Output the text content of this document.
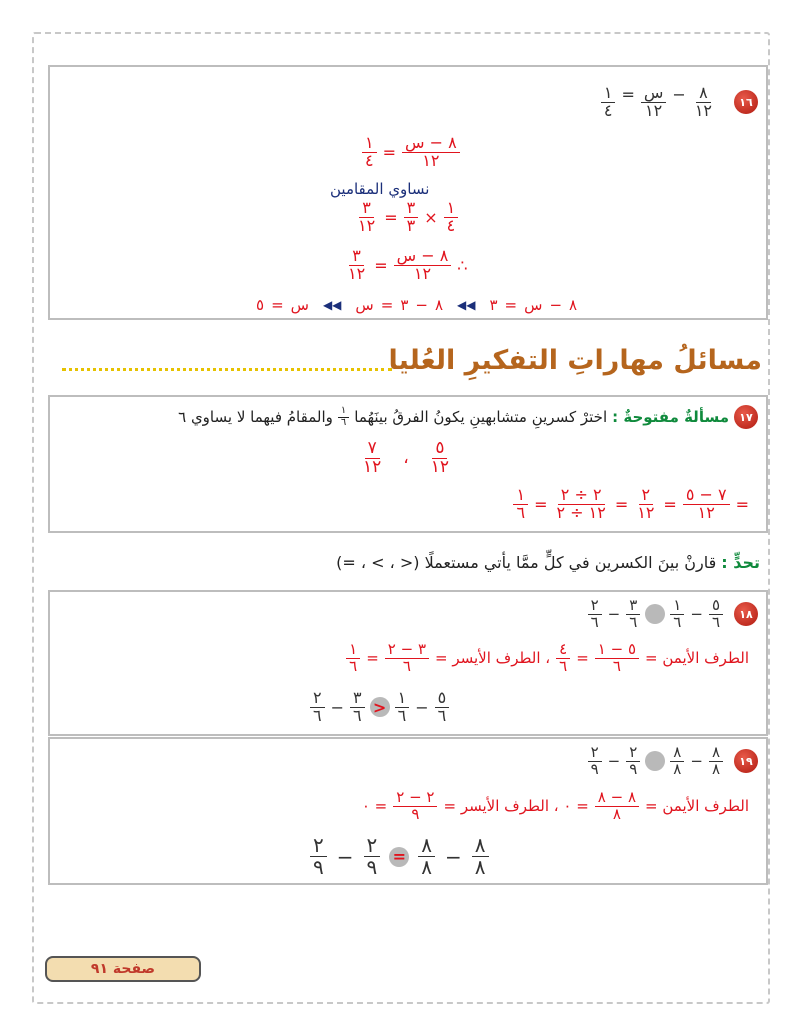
١٦
$\frac{٨}{١٢}$
−
$\frac{\text{س}}{١٢}$
=
$\frac{١}{٤}$
$\frac{\text{٨ − س}}{١٢}$
=
$\frac{١}{٤}$
نساوي المقامين
$\frac{١}{٤}$
×
$\frac{٣}{٣}$
=
$\frac{٣}{١٢}$
∴
$\frac{\text{٨ − س}}{١٢}$
=
$\frac{٣}{١٢}$
٨
−
س
=
٣
◀◀
٨
−
٣
=
س
◀◀
س
=
٥
مسائلُ مهاراتِ التفكيرِ العُليا
١٧
مسألةٌ مفتوحةٌ :
اخترْ كسرينِ متشابهينِ يكونُ الفرقُ بينَهُما
$\frac{١}{٦}$
والمقامُ فيهما لا يساوي ٦
$\frac{٥}{١٢}$
،
$\frac{٧}{١٢}$
=
$\frac{٧ - ٥}{١٢}$
=
$\frac{٢}{١٢}$
=
$\frac{٢ \div ٢}{١٢ \div ٢}$
=
$\frac{١}{٦}$
تحدٍّ :
قارنْ بينَ الكسرين في كلٍّ ممَّا يأتي مستعملًا (< ، > ، =)
١٨
$\frac{٥}{٦}$
−
$\frac{١}{٦}$
$\frac{٣}{٦}$
−
$\frac{٢}{٦}$
الطرف الأيمن =
$\frac{٥ - ١}{٦}$
=
$\frac{٤}{٦}$
، الطرف الأيسر =
$\frac{٣ - ٢}{٦}$
=
$\frac{١}{٦}$
$\frac{٥}{٦}$
−
$\frac{١}{٦}$
<
$\frac{٣}{٦}$
−
$\frac{٢}{٦}$
١٩
$\frac{٨}{٨}$
−
$\frac{٨}{٨}$
$\frac{٢}{٩}$
−
$\frac{٢}{٩}$
الطرف الأيمن =
$\frac{٨ - ٨}{٨}$
= ٠ ، الطرف الأيسر =
$\frac{٢ - ٢}{٩}$
= ٠
$\frac{٨}{٨}$
−
$\frac{٨}{٨}$
=
$\frac{٢}{٩}$
−
$\frac{٢}{٩}$
صفحة ٩١
